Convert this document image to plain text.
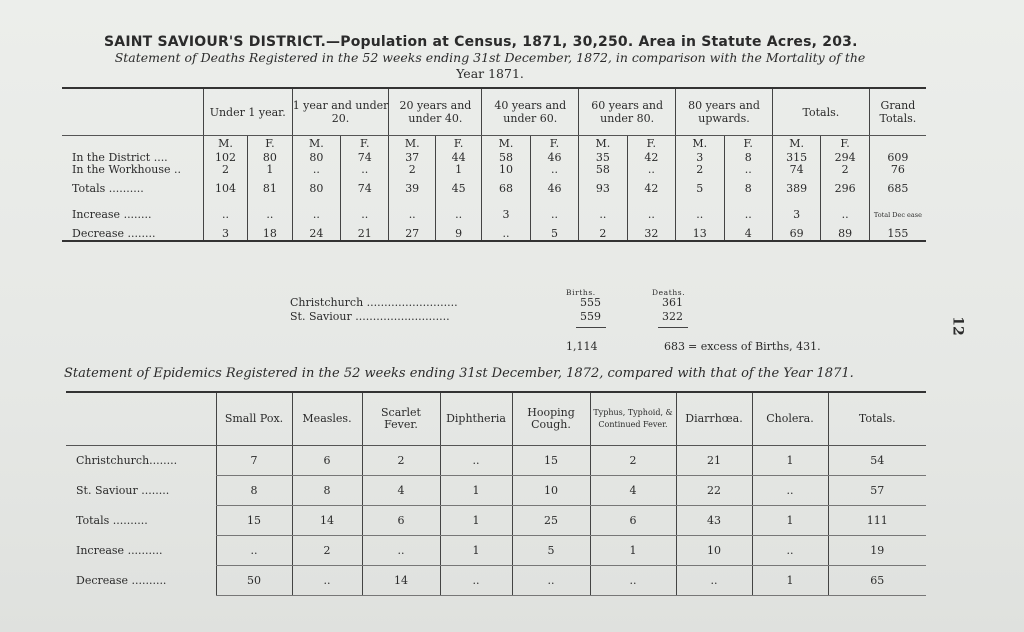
12
SAINT SAVIOUR'S DISTRICT.—Population at Census, 1871, 30,250. Area in Statute Acres, 203.
Statement of Deaths Registered in the 52 weeks ending 31st December, 1872, in comparison with the Mortality of the
Year 1871.
	Under 1 year.		1 year and under 20.		20 years and under 40.		40 years and under 60.		60 years and under 80.		80 years and upwards.		Totals.		Grand Totals.
	M.	F.	M.	F.	M.	F.	M.	F.	M.	F.	M.	F.	M.	F.	
In the District ....	102	80	80	74	37	44	58	46	35	42	3	8	315	294	609
In the Workhouse ..	2	1	..	..	2	1	10	..	58	..	2	..	74	2	76
Totals ..........	104	81	80	74	39	45	68	46	93	42	5	8	389	296	685
Increase ........	..	..	..	..	..	..	3	..	..	..	..	..	3	..	Total Dec ease
Decrease ........	3	18	24	21	27	9	..	5	2	32	13	4	69	89	155
Births.	Deaths.
Christchurch ..........................	555	361
St. Saviour ...........................	559	322
1,114	683 = excess of Births, 431.
Statement of Epidemics Registered in the 52 weeks ending 31st December, 1872, compared with that of the Year 1871.
	Small Pox.	Measles.	Scarlet Fever.	Diphtheria	Hooping Cough.	Typhus, Typhoid, & Continued Fever.	Diarrhœa.	Cholera.	Totals.
Christchurch........	7	6	2	..	15	2	21	1	54
St. Saviour ........	8	8	4	1	10	4	22	..	57
Totals ..........	15	14	6	1	25	6	43	1	111
Increase ..........	..	2	..	1	5	1	10	..	19
Decrease ..........	50	..	14	..	..	..	..	1	65
